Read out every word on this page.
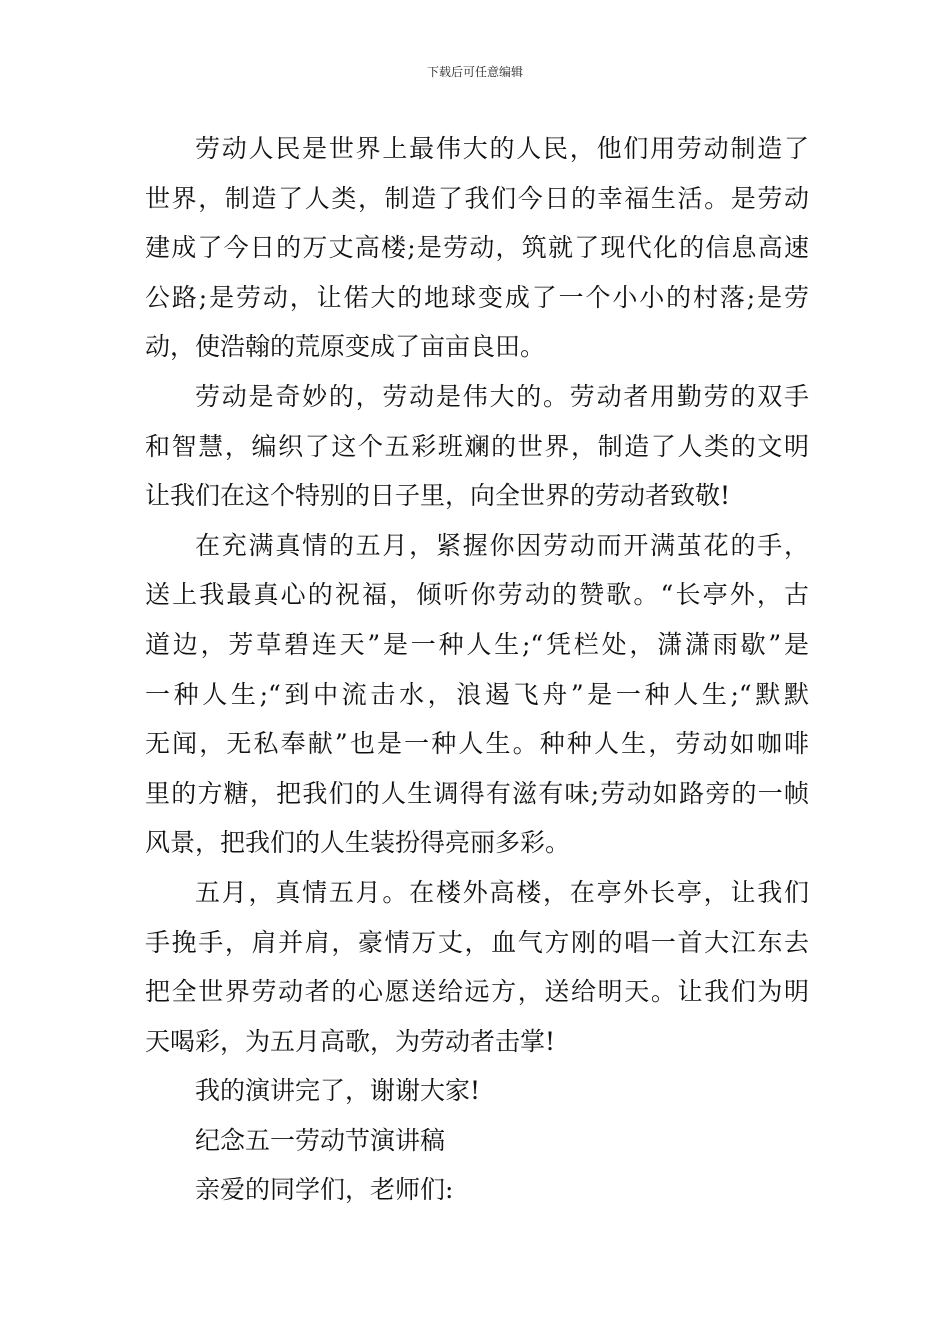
下载后可任意编辑
劳动人民是世界上最伟大的人民，他们用劳动制造了
世界，制造了人类，制造了我们今日的幸福生活。是劳动
建成了今日的万丈高楼;是劳动，筑就了现代化的信息高速
公路;是劳动，让偌大的地球变成了一个小小的村落;是劳
动，使浩翰的荒原变成了亩亩良田。
劳动是奇妙的，劳动是伟大的。劳动者用勤劳的双手
和智慧，编织了这个五彩班斓的世界，制造了人类的文明
让我们在这个特别的日子里，向全世界的劳动者致敬!
在充满真情的五月，紧握你因劳动而开满茧花的手，
送上我最真心的祝福，倾听你劳动的赞歌。“长亭外，古
道边，芳草碧连天”是一种人生;“凭栏处，潇潇雨歇”是
一种人生;“到中流击水，浪遏飞舟”是一种人生;“默默
无闻，无私奉献”也是一种人生。种种人生，劳动如咖啡
里的方糖，把我们的人生调得有滋有味;劳动如路旁的一帧
风景，把我们的人生装扮得亮丽多彩。
五月，真情五月。在楼外高楼，在亭外长亭，让我们
手挽手，肩并肩，豪情万丈，血气方刚的唱一首大江东去
把全世界劳动者的心愿送给远方，送给明天。让我们为明
天喝彩，为五月高歌，为劳动者击掌!
我的演讲完了，谢谢大家!
纪念五一劳动节演讲稿
亲爱的同学们，老师们:
